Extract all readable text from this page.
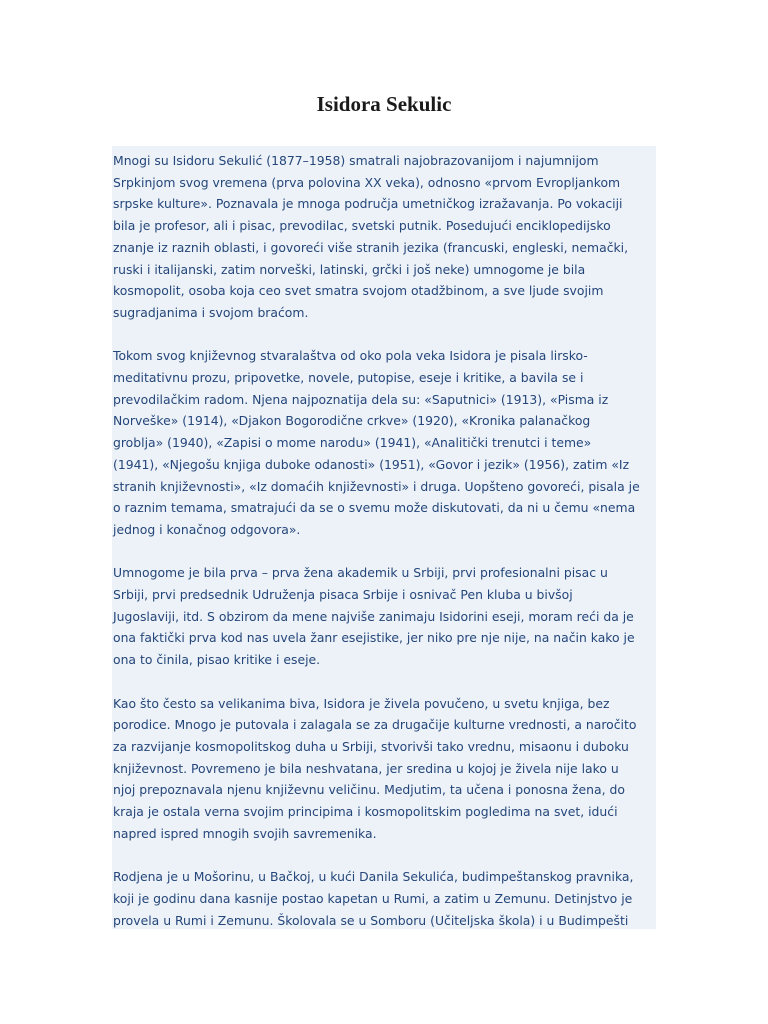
Isidora Sekulic

Mnogi su Isidoru Sekulić (1877–1958) smatrali najobrazovanijom i najumnijom
Srpkinjom svog vremena (prva polovina XX veka), odnosno «prvom Evropljankom
srpske kulture». Poznavala je mnoga područja umetničkog izražavanja. Po vokaciji
bila je profesor, ali i pisac, prevodilac, svetski putnik. Posedujući enciklopedijsko
znanje iz raznih oblasti, i govoreći više stranih jezika (francuski, engleski, nemački,
ruski i italijanski, zatim norveški, latinski, grčki i još neke) umnogome je bila
kosmopolit, osoba koja ceo svet smatra svojom otadžbinom, a sve ljude svojim
sugradjanima i svojom braćom.

Tokom svog književnog stvaralaštva od oko pola veka Isidora je pisala lirsko-
meditativnu prozu, pripovetke, novele, putopise, eseje i kritike, a bavila se i
prevodilačkim radom. Njena najpoznatija dela su: «Saputnici» (1913), «Pisma iz
Norveške» (1914), «Djakon Bogorodične crkve» (1920), «Kronika palanačkog
groblja» (1940), «Zapisi o mome narodu» (1941), «Analitički trenutci i teme»
(1941), «Njegošu knjiga duboke odanosti» (1951), «Govor i jezik» (1956), zatim «Iz
stranih književnosti», «Iz domaćih književnosti» i druga. Uopšteno govoreći, pisala je
o raznim temama, smatrajući da se o svemu može diskutovati, da ni u čemu «nema
jednog i konačnog odgovora».

Umnogome je bila prva – prva žena akademik u Srbiji, prvi profesionalni pisac u
Srbiji, prvi predsednik Udruženja pisaca Srbije i osnivač Pen kluba u bivšoj
Jugoslaviji, itd. S obzirom da mene najviše zanimaju Isidorini eseji, moram reći da je
ona faktički prva kod nas uvela žanr esejistike, jer niko pre nje nije, na način kako je
ona to činila, pisao kritike i eseje.

Kao što često sa velikanima biva, Isidora je živela povučeno, u svetu knjiga, bez
porodice. Mnogo je putovala i zalagala se za drugačije kulturne vrednosti, a naročito
za razvijanje kosmopolitskog duha u Srbiji, stvorivši tako vrednu, misaonu i duboku
književnost. Povremeno je bila neshvatana, jer sredina u kojoj je živela nije lako u
njoj prepoznavala njenu književnu veličinu. Medjutim, ta učena i ponosna žena, do
kraja je ostala verna svojim principima i kosmopolitskim pogledima na svet, idući
napred ispred mnogih svojih savremenika.

Rodjena je u Mošorinu, u Bačkoj, u kući Danila Sekulića, budimpeštanskog pravnika,
koji je godinu dana kasnije postao kapetan u Rumi, a zatim u Zemunu. Detinjstvo je
provela u Rumi i Zemunu. Školovala se u Somboru (Učiteljska škola) i u Budimpešti
